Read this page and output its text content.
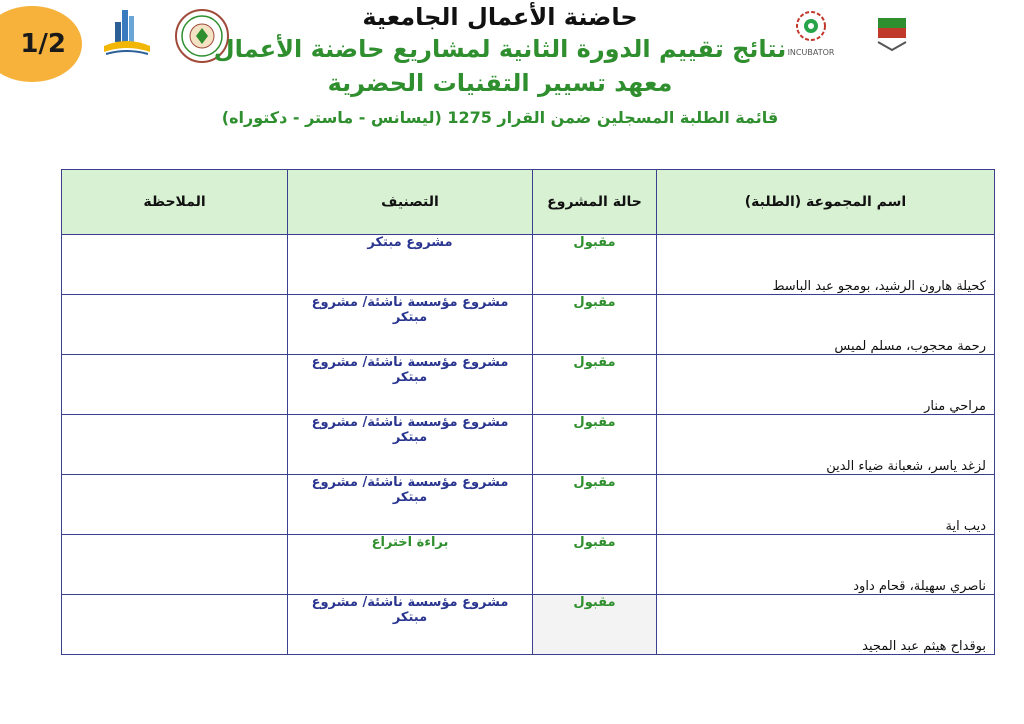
1/2	INCUBATOR
حاضنة الأعمال الجامعية
نتائج تقييم الدورة الثانية لمشاريع حاضنة الأعمال
معهد تسيير التقنيات الحضرية
قائمة الطلبة المسجلين ضمن القرار 1275 (ليسانس - ماستر - دكتوراه)
اسم المجموعة (الطلبة)	حالة المشروع	التصنيف	الملاحظة
كحيلة هارون الرشيد، بومجو عبد الباسط	مقبول	مشروع مبتكر	
رحمة محجوب، مسلم لميس	مقبول	مشروع مؤسسة ناشئة/ مشروع مبتكر	
مراحي منار	مقبول	مشروع مؤسسة ناشئة/ مشروع مبتكر	
لزغد ياسر، شعبانة ضياء الدين	مقبول	مشروع مؤسسة ناشئة/ مشروع مبتكر	
ديب اية	مقبول	مشروع مؤسسة ناشئة/ مشروع مبتكر	
ناصري سهيلة، قحام داود	مقبول	براءة اختراع	
بوقداح هيثم عبد المجيد	مقبول	مشروع مؤسسة ناشئة/ مشروع مبتكر	
